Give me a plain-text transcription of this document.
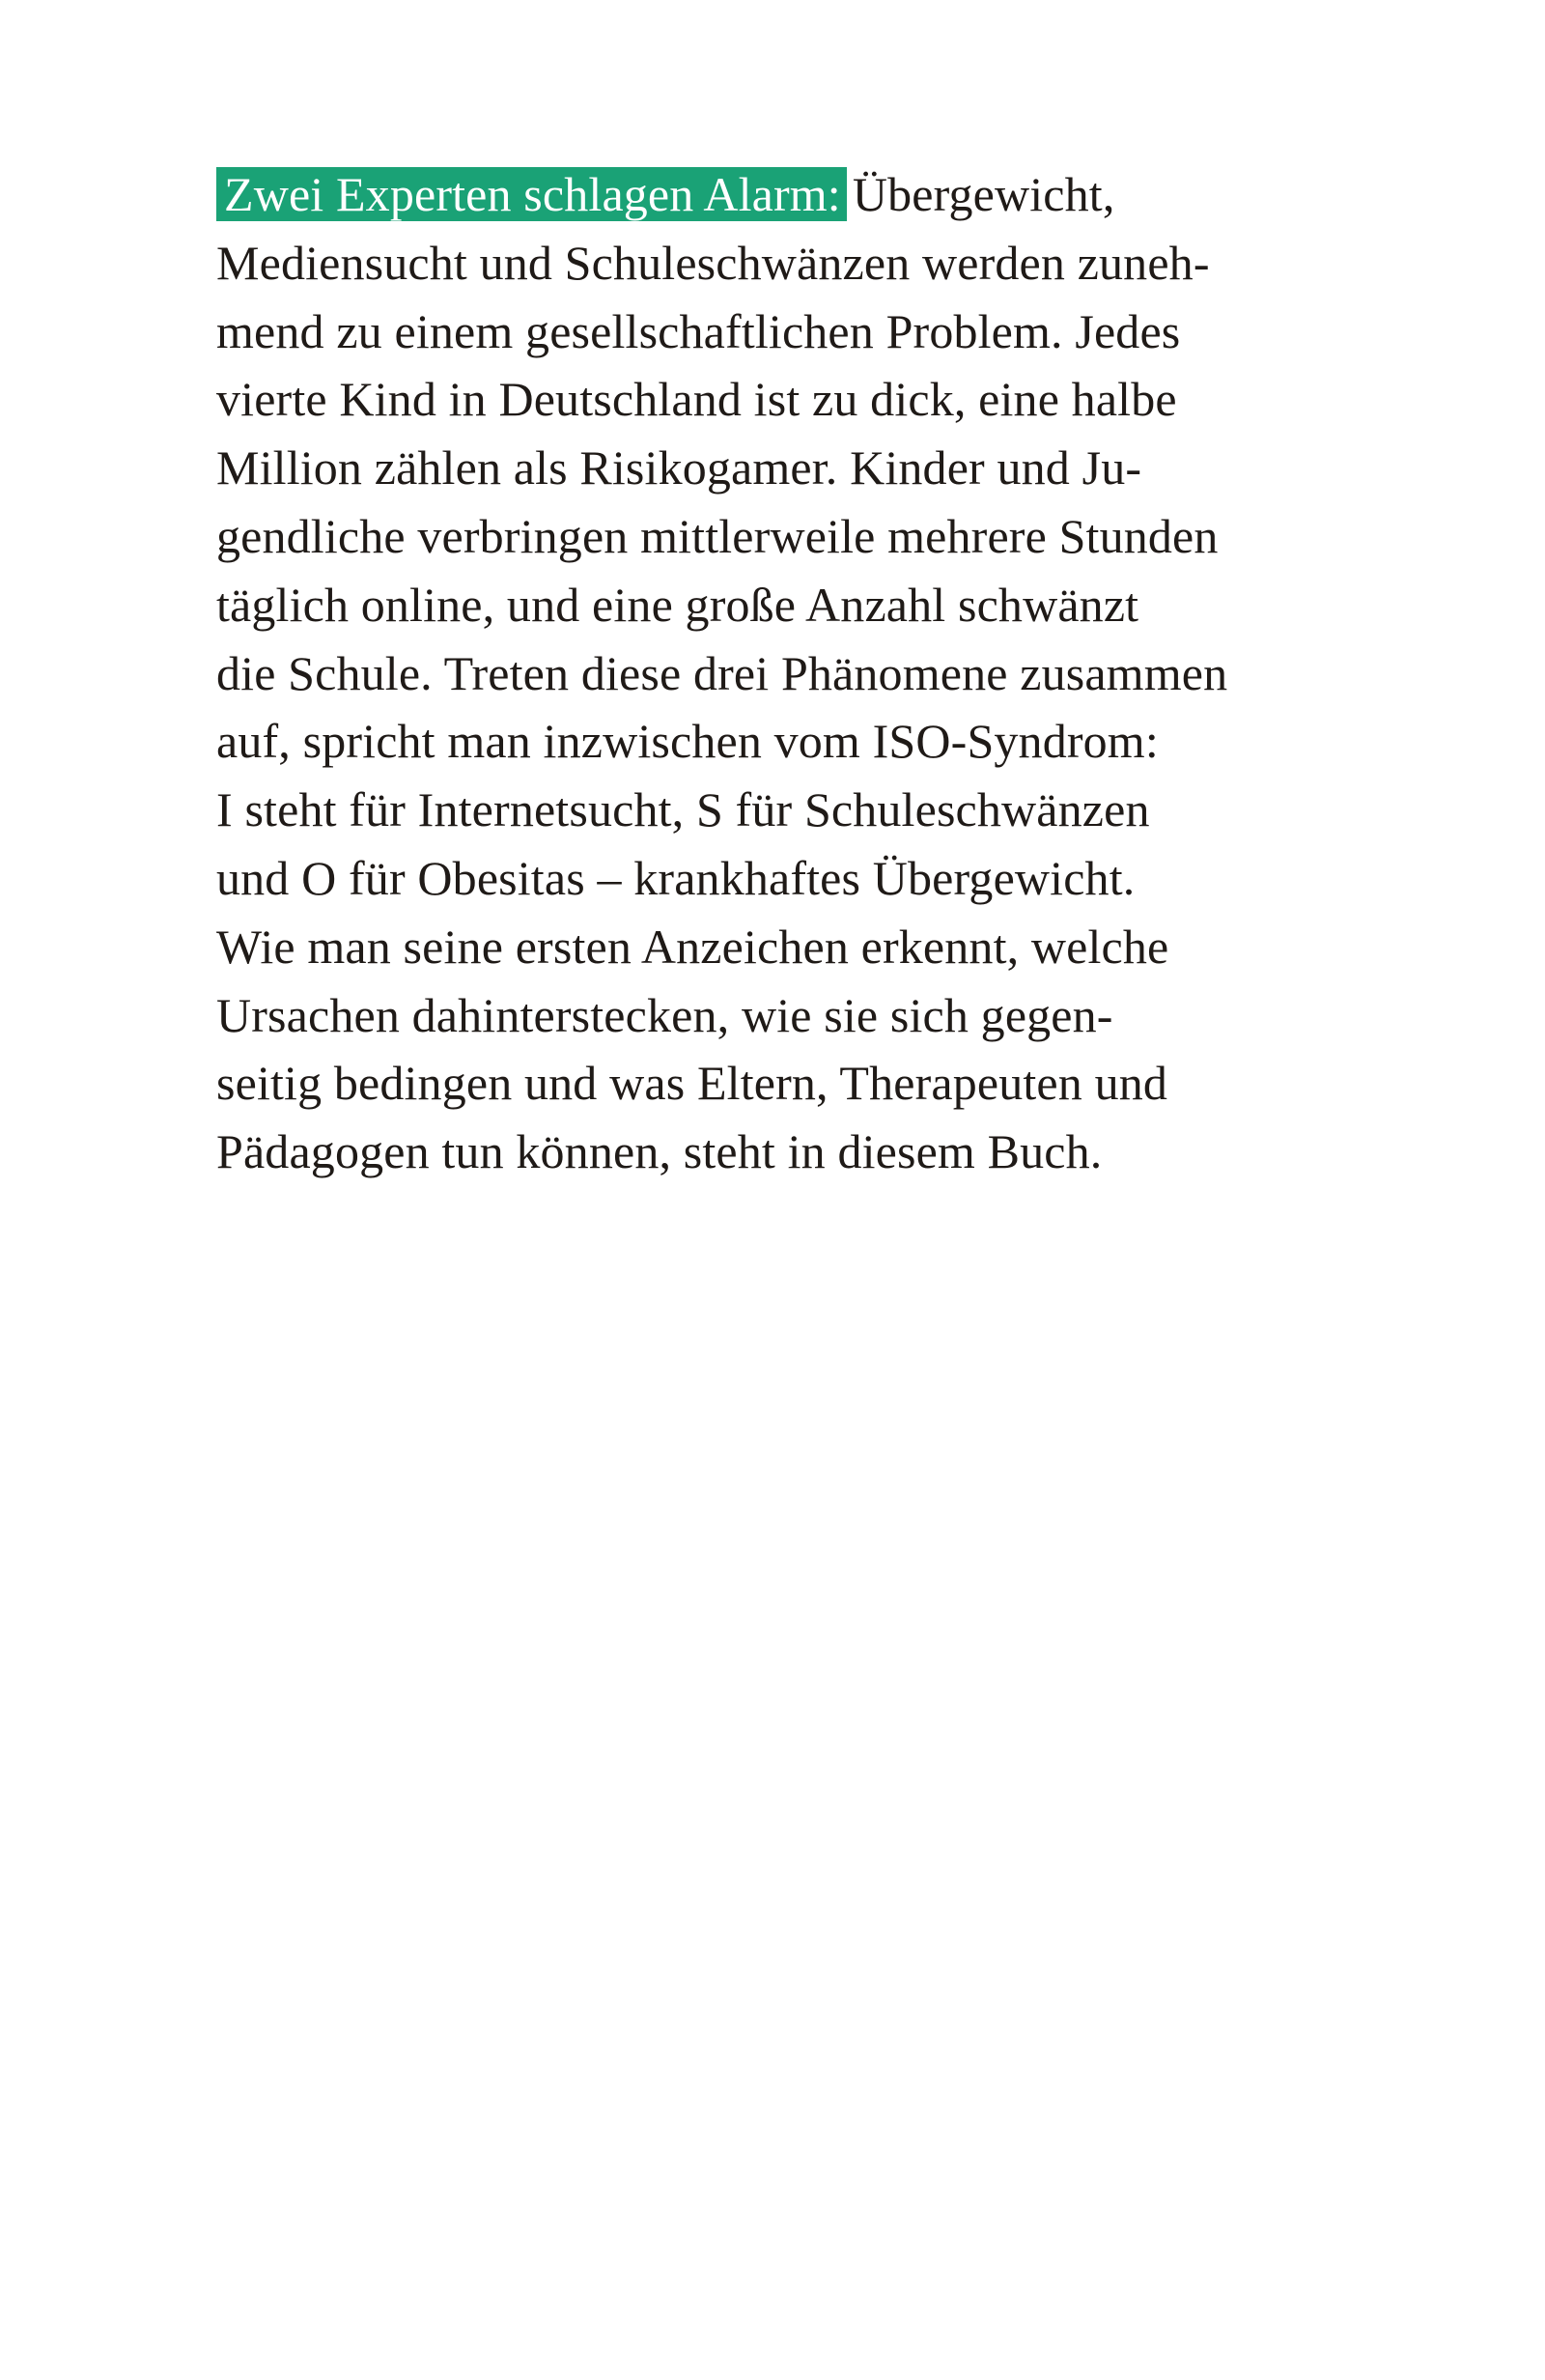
Zwei Experten schlagen Alarm: Übergewicht,
Mediensucht und Schuleschwänzen werden zuneh-
mend zu einem gesellschaftlichen Problem. Jedes
vierte Kind in Deutschland ist zu dick, eine halbe
Million zählen als Risikogamer. Kinder und Ju-
gendliche verbringen mittlerweile mehrere Stunden
täglich online, und eine große Anzahl schwänzt
die Schule. Treten diese drei Phänomene zusammen
auf, spricht man inzwischen vom ISO-Syndrom:
I steht für Internetsucht, S für Schuleschwänzen
und O für Obesitas – krankhaftes Übergewicht.
Wie man seine ersten Anzeichen erkennt, welche
Ursachen dahinterstecken, wie sie sich gegen-
seitig bedingen und was Eltern, Therapeuten und
Pädagogen tun können, steht in diesem Buch.
